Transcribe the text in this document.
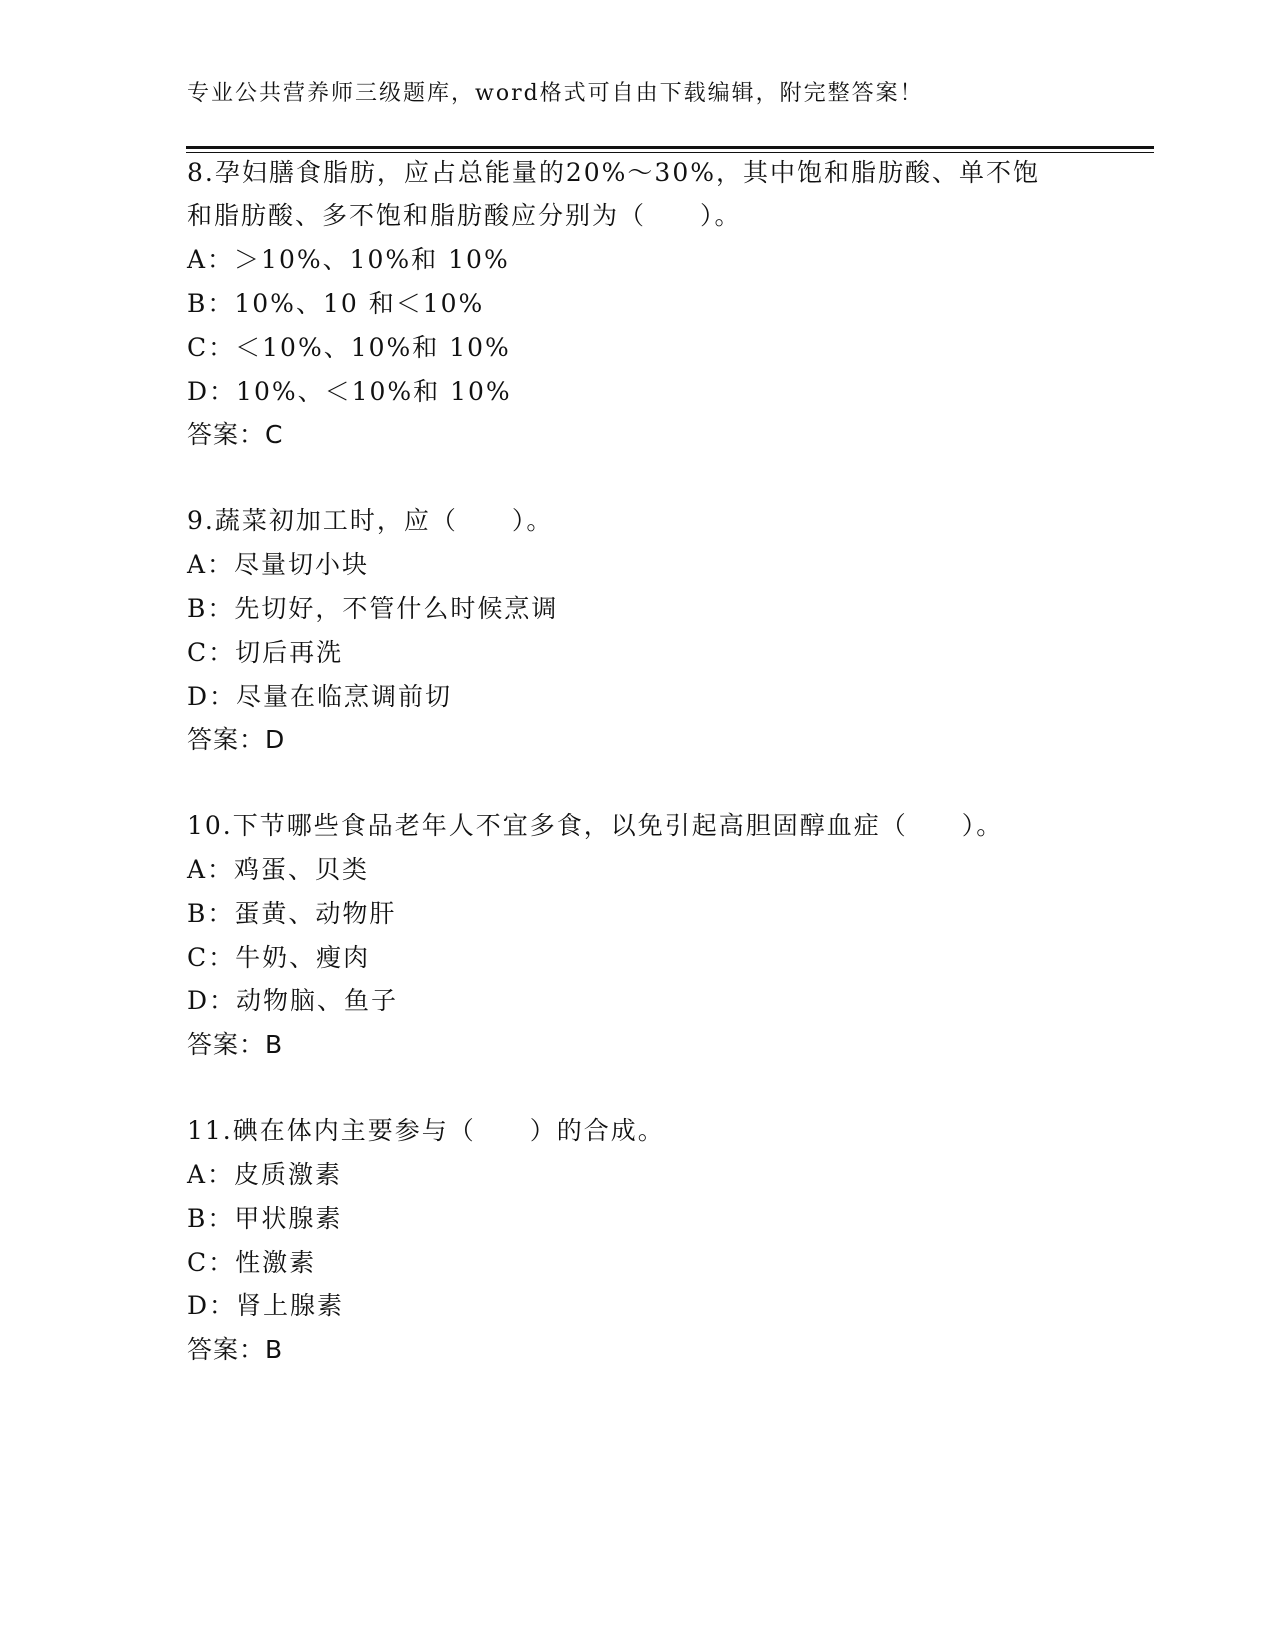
专业公共营养师三级题库，word格式可自由下载编辑，附完整答案！
8.孕妇膳食脂肪，应占总能量的20%～30%，其中饱和脂肪酸、单不饱
和脂肪酸、多不饱和脂肪酸应分别为（　　）。
A：＞10%、10%和 10%
B：10%、10 和＜10%
C：＜10%、10%和 10%
D：10%、＜10%和 10%
答案：C
9.蔬菜初加工时，应（　　）。
A：尽量切小块
B：先切好，不管什么时候烹调
C：切后再洗
D：尽量在临烹调前切
答案：D
10.下节哪些食品老年人不宜多食，以免引起高胆固醇血症（　　）。
A：鸡蛋、贝类
B：蛋黄、动物肝
C：牛奶、瘦肉
D：动物脑、鱼子
答案：B
11.碘在体内主要参与（　　）的合成。
A：皮质激素
B：甲状腺素
C：性激素
D：肾上腺素
答案：B
